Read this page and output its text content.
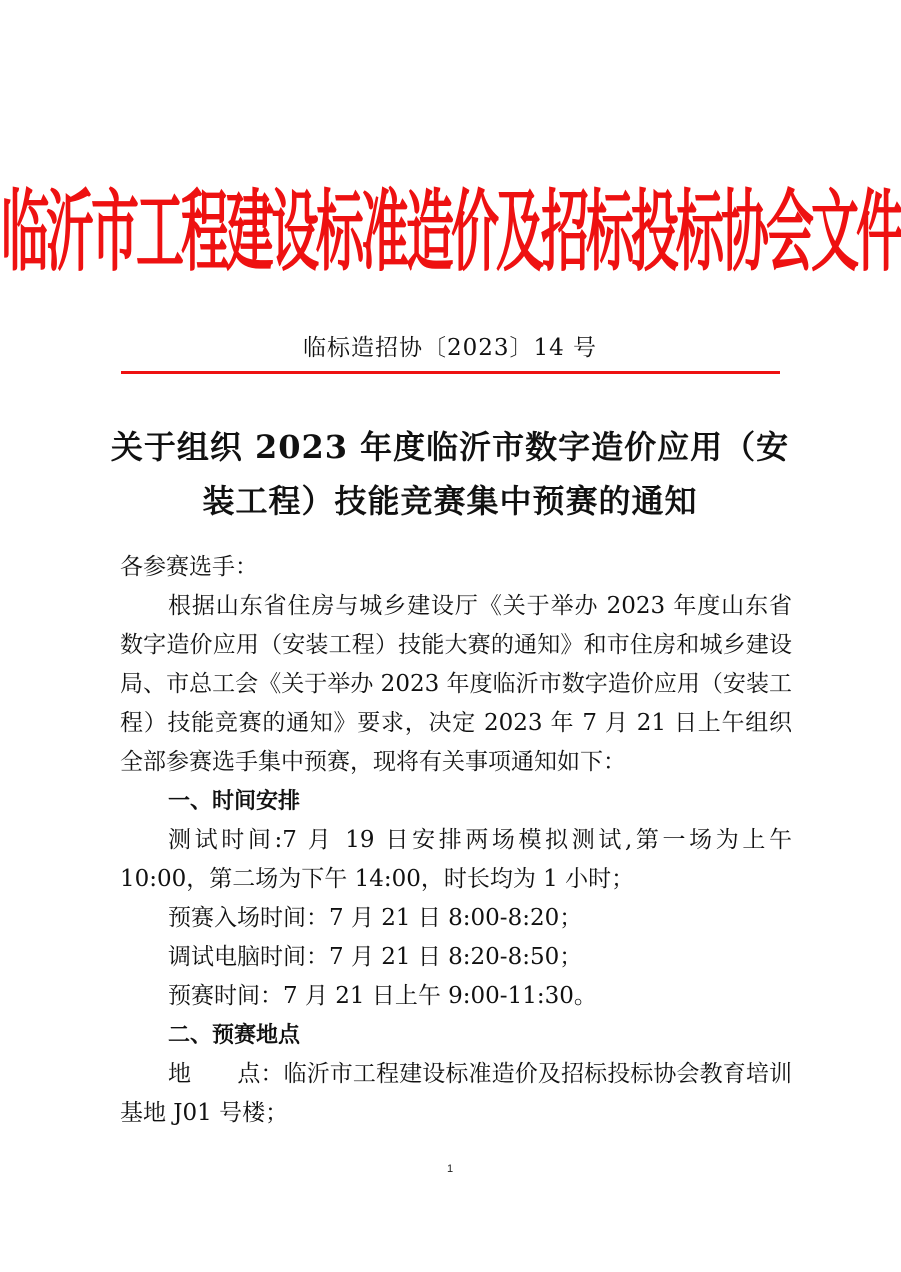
临沂市工程建设标准造价及招标投标协会文件
临标造招协〔2023〕14 号
关于组织 2023 年度临沂市数字造价应用（安
装工程）技能竞赛集中预赛的通知

各参赛选手：

根据山东省住房与城乡建设厅《关于举办 2023 年度山东省数字造价应用（安装工程）技能大赛的通知》和市住房和城乡建设局、市总工会《关于举办 2023 年度临沂市数字造价应用（安装工程）技能竞赛的通知》要求，决定 2023 年 7 月 21 日上午组织全部参赛选手集中预赛，现将有关事项通知如下：

一、时间安排

测试时间:7 月 19 日安排两场模拟测试,第一场为上午 10:00，第二场为下午 14:00，时长均为 1 小时；

预赛入场时间：7 月 21 日 8:00-8:20；

调试电脑时间：7 月 21 日 8:20-8:50；

预赛时间：7 月 21 日上午 9:00-11:30。

二、预赛地点

地　　点：临沂市工程建设标准造价及招标投标协会教育培训基地 J01 号楼；

1
